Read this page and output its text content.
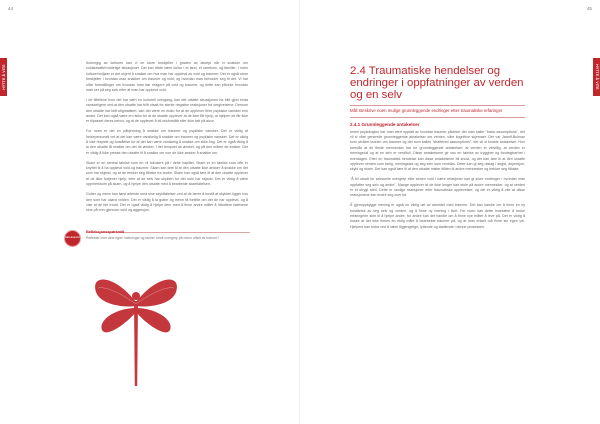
44
HYTTE Å VITE

Avhengig av kulturen kan vi se store forskjeller i graden av aksept når vi snakker om voldsutsatte/voldelige situasjoner. Det kan både være kultur i et land, et samfunn, og familier. I noen kulturer/miljøer er det ukjent å snakke om hva man har opplevd av vold og traumer. Det er også store forskjeller i hvordan man snakker om traumer og vold, og hvordan man forholder seg til det. Vi har ulike forestillinger om hvordan man bør reagere på vold og traumer, og dette kan påvirke hvordan man ser på seg selv etter at man har opplevd vold.

I de tilfellene hvor det har vært en kulturell overgang, kan det utsatte situasjonen ha blitt gjort enda vanskeligere ved at den utsatte har blitt utsatt for sterke negative reaksjoner fra omgivelsene. Dersom den utsatte har blitt stigmatisert, kan det være en risiko for at de opplever flere psykiske vansker enn andre. Det kan også være en risiko for at de utsatte opplever at de ikke får hjelp, at hjelpen de får ikke er tilpasset deres behov, og at de opplever å bli misforstått eller ikke tatt på alvor.

For noen er det en påkjenning å snakke om traumer og psykiske vansker. Det er viktig at helsepersonell vet at det kan være vanskelig å snakke om traumer og psykiske vansker. Det er viktig å vise respekt og forståelse for at det kan være vanskelig å snakke om slike ting. Det er også viktig å la den utsatte få snakke om det de ønsker, i det tempoet de ønsker, og på den måten de ønsker. Det er viktig å ikke presse den utsatte til å snakke om noe de ikke ønsker å snakke om.

Skam er en sentral følelse som en vil fokusere på i dette kapitlet. Skam er en følelse som ofte er knyttet til å ha opplevd vold og traumer. Skam kan føre til at den utsatte ikke ønsker å snakke om det som har skjedd, og at de trekker seg tilbake fra andre. Skam kan også føre til at den utsatte opplever at de ikke fortjener hjelp, eller at de selv har skylden for det som har skjedd. Det er viktig å være oppmerksom på skam, og å hjelpe den utsatte med å bearbeide skamfølelsen.

Gutter og menn kan først arbeide med sine skyldfølelser ved at de lærer å forstå at skylden ligger hos den som har utøvd volden. Det er viktig å la gutter og menn få fortelle om det de har opplevd, og å vise at de blir trodd. Det er også viktig å hjelpe dem med å finne andre måter å håndtere følelsene sine på enn gjennom vold og aggresjon.

REFLEKSJON
Refleksjonsspørsmål
Reflekter over dine egne holdninger og tanker rundt overgrep på menn utført av kvinner?
45
HYTTE Å VITE
2.4 Traumatiske hendelser og endringer i oppfatninger av verden og en selv
Mål: Beskrive noen mulige grunnleggende endringer etter traumatiske erfaringer
2.4.1 Grunnleggende antakelser

Innen psykologien har man vært opptatt av hvordan traumer påvirker det man kaller "basic assumptions", det vil si våre generelle grunnleggende antakelser om verden, våre kognitive skjemaer. Det var Janoff-Bulman som utviklet teorien om traumer og det som kalles "shattered assumptions", det vil si knuste antakelser. Hun foreslår at de fleste mennesker har tre grunnleggende antakelser: at verden er velvillig, at verden er meningsfull og at en selv er verdifull. Disse antakelsene gir oss en følelse av trygghet og forutsigbarhet i hverdagen. Etter en traumatisk hendelse kan disse antakelsene bli knust, og det kan føre til at den utsatte opplever verden som farlig, meningsløs og seg selv som verdiløs. Dette kan gi seg utslag i angst, depresjon, skyld og skam. Det kan også føre til at den utsatte mister tilliten til andre mennesker og trekker seg tilbake.

"Å bli utsatt for seksuelle overgrep eller annen vold i nære relasjoner kan gi store endringer i hvordan man oppfatter seg selv og andre". Mange opplever at de ikke lenger kan stole på andre mennesker, og at verden er et utrygt sted. Dette er vanlige reaksjoner etter traumatiske opplevelser, og det er viktig å vite at disse reaksjonene kan endre seg over tid.

Å gjenoppbygge mening er også en viktig del av arbeidet med traumer. Det kan handle om å finne en ny forståelse av seg selv og verden, og å finne ny mening i livet. For noen kan dette innebære å bruke erfaringene sine til å hjelpe andre, for andre kan det handle om å finne nye måter å leve på. Det er viktig å huske at det ikke finnes én riktig måte å bearbeide traumer på, og at hver enkelt må finne sin egen vei. Hjelpere kan bidra ved å være tilgjengelige, lyttende og støttende i denne prosessen.
